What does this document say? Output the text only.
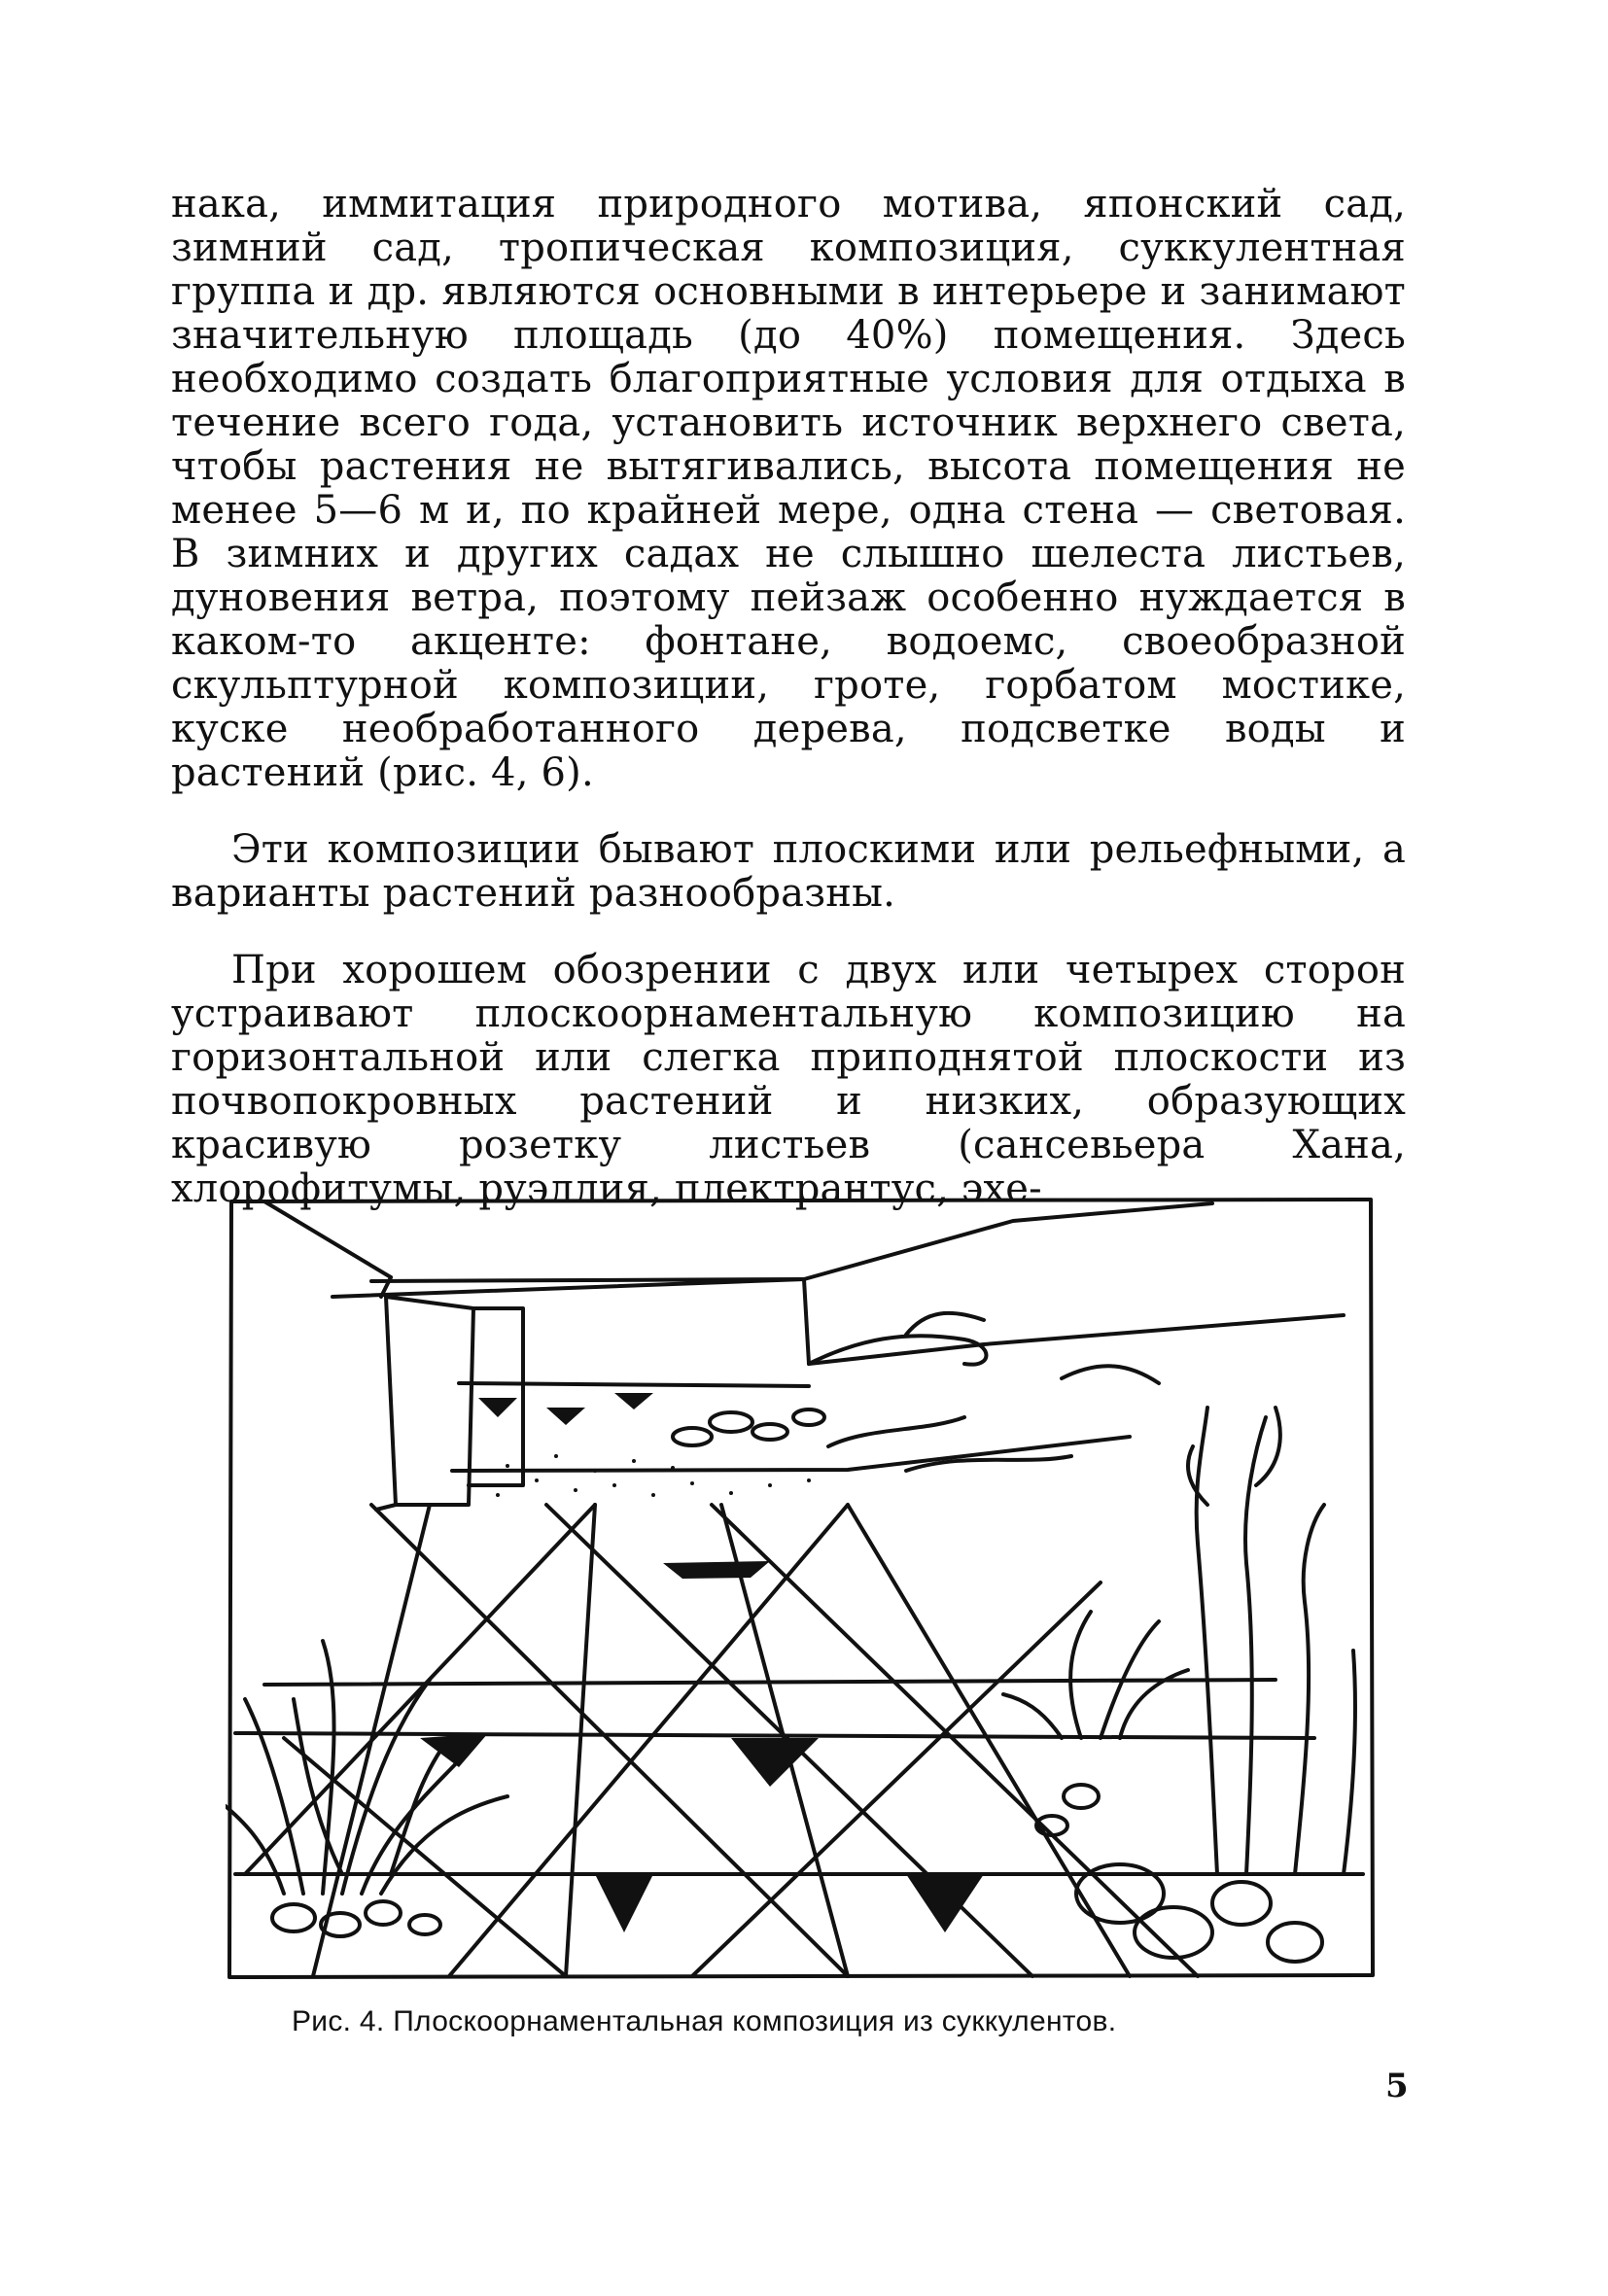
нака, иммитация природного мотива, японский сад, зимний сад, тропическая композиция, суккулентная группа и др. являются основными в интерьере и занимают значительную площадь (до 40%) помещения. Здесь необходимо создать благоприятные условия для отдыха в течение всего года, установить источник верхнего света, чтобы растения не вытягивались, высота помещения не менее 5—6 м и, по крайней мере, одна стена — световая. В зимних и других садах не слышно шелеста листьев, дуновения ветра, поэтому пейзаж особенно нуждается в каком-то акценте: фонтане, водоемс, своеобразной скульптурной композиции, гроте, горбатом мостике, куске необработанного дерева, подсветке воды и растений (рис. 4, 6).

Эти композиции бывают плоскими или рельефными, а варианты растений разнообразны.

При хорошем обозрении с двух или четырех сторон устраивают плоскоорнаментальную композицию на горизонтальной или слегка приподнятой плоскости из почвопокровных растений и низких, образующих красивую розетку листьев (сансевьера Хана, хлорофитумы, руэллия, плектрантус, эхе-

Рис. 4. Плоскоорнаментальная композиция из суккулентов.
5
